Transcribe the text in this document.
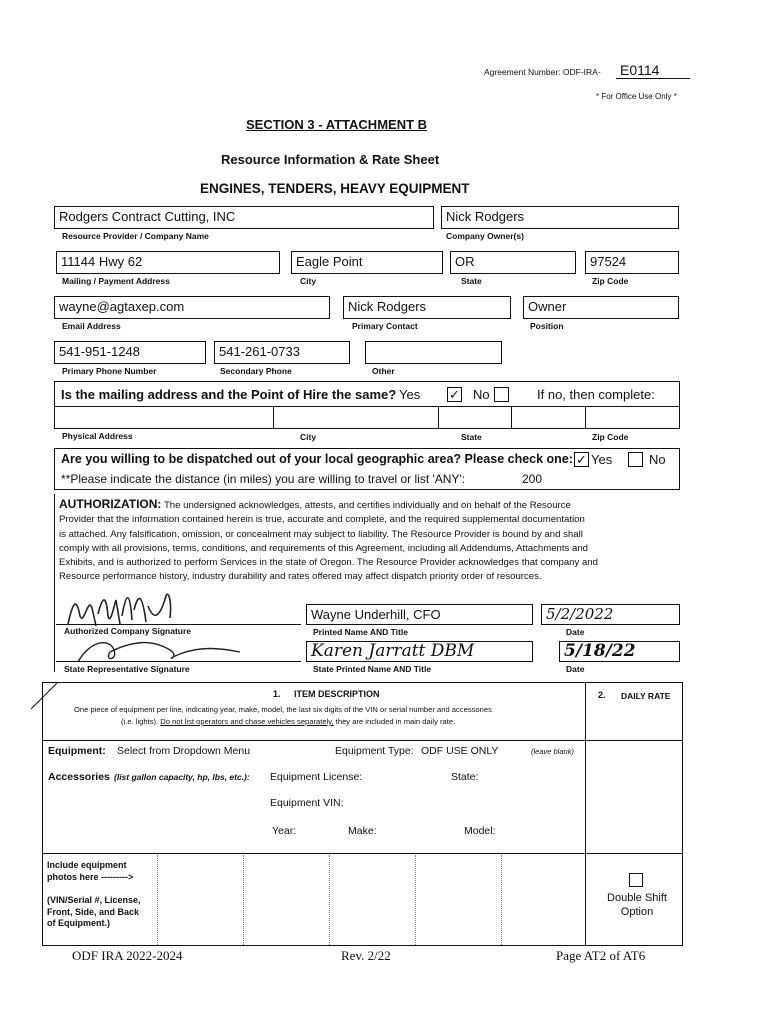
Agreement Number: ODF-IRA- E0114
* For Office Use Only *
SECTION 3 - ATTACHMENT B
Resource Information & Rate Sheet
ENGINES, TENDERS, HEAVY EQUIPMENT
Rodgers Contract Cutting, INC
Resource Provider / Company Name
Nick Rodgers
Company Owner(s)
11144 Hwy 62
Mailing / Payment Address
Eagle Point
City
OR
State
97524
Zip Code
wayne@agtaxep.com
Email Address
Nick Rodgers
Primary Contact
Owner
Position
541-951-1248
Primary Phone Number
541-261-0733
Secondary Phone	Other
Is the mailing address and the Point of Hire the same? Yes ✓ No	If no, then complete:
Physical Address	City	State	Zip Code
Are you willing to be dispatched out of your local geographic area? Please check one: ✓ Yes	No
**Please indicate the distance (in miles) you are willing to travel or list 'ANY':	200
AUTHORIZATION: The undersigned acknowledges, attests, and certifies individually and on behalf of the Resource
Provider that the information contained herein is true, accurate and complete, and the required supplemental documentation
is attached. Any falsification, omission, or concealment may subject to liability. The Resource Provider is bound by and shall
comply with all provisions, terms, conditions, and requirements of this Agreement, including all Addendums, Attachments and
Exhibits, and is authorized to perform Services in the state of Oregon. The Resource Provider acknowledges that company and
Resource performance history, industry durability and rates offered may affect dispatch priority order of resources.
Authorized Company Signature
Wayne Underhill, CFO
Printed Name AND Title
5/2/2022
Date
State Representative Signature
Karen Jarratt DBM
State Printed Name AND Title
5/18/22
Date
1. ITEM DESCRIPTION	2. DAILY RATE
One piece of equipment per line, indicating year, make, model, the last six digits of the VIN or serial number and accessories
(i.e. lights). Do not list operators and chase vehicles separately, they are included in main daily rate.
Equipment: Select from Dropdown Menu	Equipment Type: ODF USE ONLY	(leave blank)
Accessories (list gallon capacity, hp, lbs, etc.): Equipment License:	State:
Equipment VIN:
Year:	Make:	Model:
Include equipment
photos here --------->
(VIN/Serial #, License,
Front, Side, and Back
of Equipment.)
Double Shift
Option
ODF IRA 2022-2024	Rev. 2/22	Page AT2 of AT6
